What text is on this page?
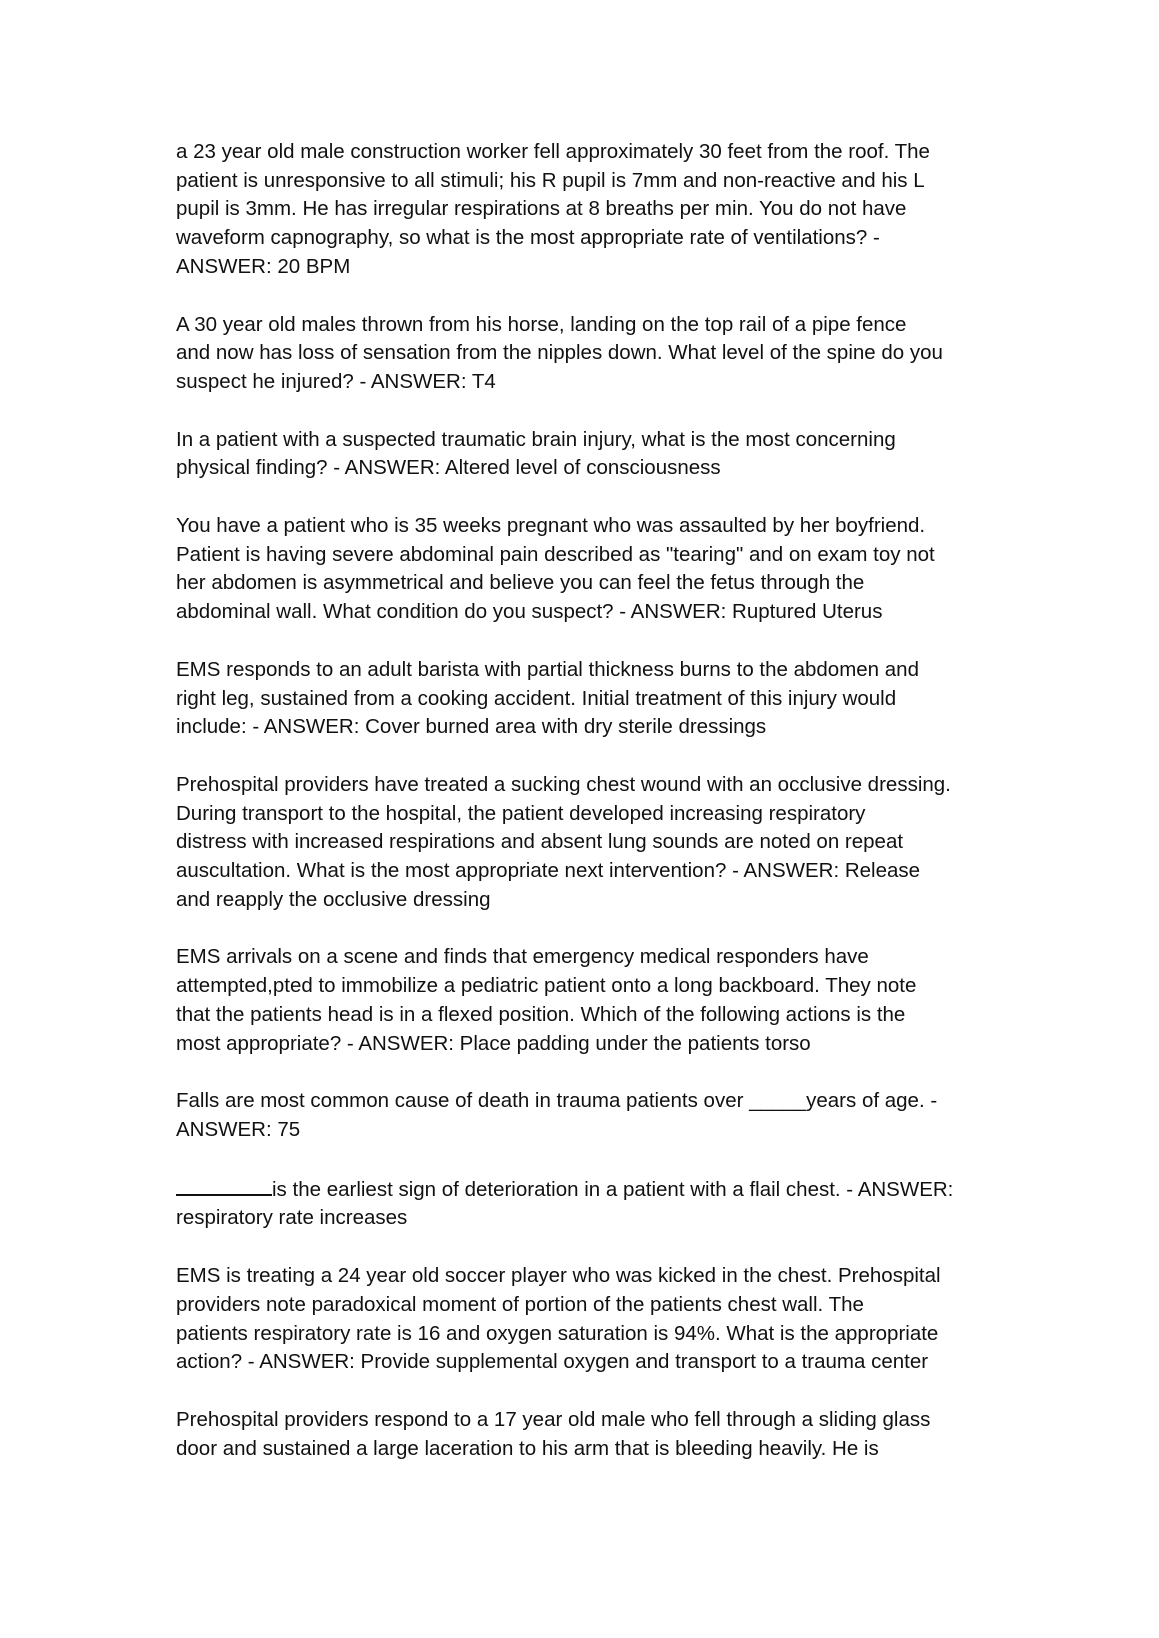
a 23 year old male construction worker fell approximately 30 feet from the roof. The
patient is unresponsive to all stimuli; his R pupil is 7mm and non-reactive and his L
pupil is 3mm. He has irregular respirations at 8 breaths per min. You do not have
waveform capnography, so what is the most appropriate rate of ventilations? -
ANSWER: 20 BPM

A 30 year old males thrown from his horse, landing on the top rail of a pipe fence
and now has loss of sensation from the nipples down. What level of the spine do you
suspect he injured? - ANSWER: T4

In a patient with a suspected traumatic brain injury, what is the most concerning
physical finding? - ANSWER: Altered level of consciousness

You have a patient who is 35 weeks pregnant who was assaulted by her boyfriend.
Patient is having severe abdominal pain described as "tearing" and on exam toy not
her abdomen is asymmetrical and believe you can feel the fetus through the
abdominal wall. What condition do you suspect? - ANSWER: Ruptured Uterus

EMS responds to an adult barista with partial thickness burns to the abdomen and
right leg, sustained from a cooking accident. Initial treatment of this injury would
include: - ANSWER: Cover burned area with dry sterile dressings

Prehospital providers have treated a sucking chest wound with an occlusive dressing.
During transport to the hospital, the patient developed increasing respiratory
distress with increased respirations and absent lung sounds are noted on repeat
auscultation. What is the most appropriate next intervention? - ANSWER: Release
and reapply the occlusive dressing

EMS arrivals on a scene and finds that emergency medical responders have
attempted,pted to immobilize a pediatric patient onto a long backboard. They note
that the patients head is in a flexed position. Which of the following actions is the
most appropriate? - ANSWER: Place padding under the patients torso

Falls are most common cause of death in trauma patients over _____years of age. -
ANSWER: 75

is the earliest sign of deterioration in a patient with a flail chest. - ANSWER:
respiratory rate increases

EMS is treating a 24 year old soccer player who was kicked in the chest. Prehospital
providers note paradoxical moment of portion of the patients chest wall. The
patients respiratory rate is 16 and oxygen saturation is 94%. What is the appropriate
action? - ANSWER: Provide supplemental oxygen and transport to a trauma center

Prehospital providers respond to a 17 year old male who fell through a sliding glass
door and sustained a large laceration to his arm that is bleeding heavily. He is
